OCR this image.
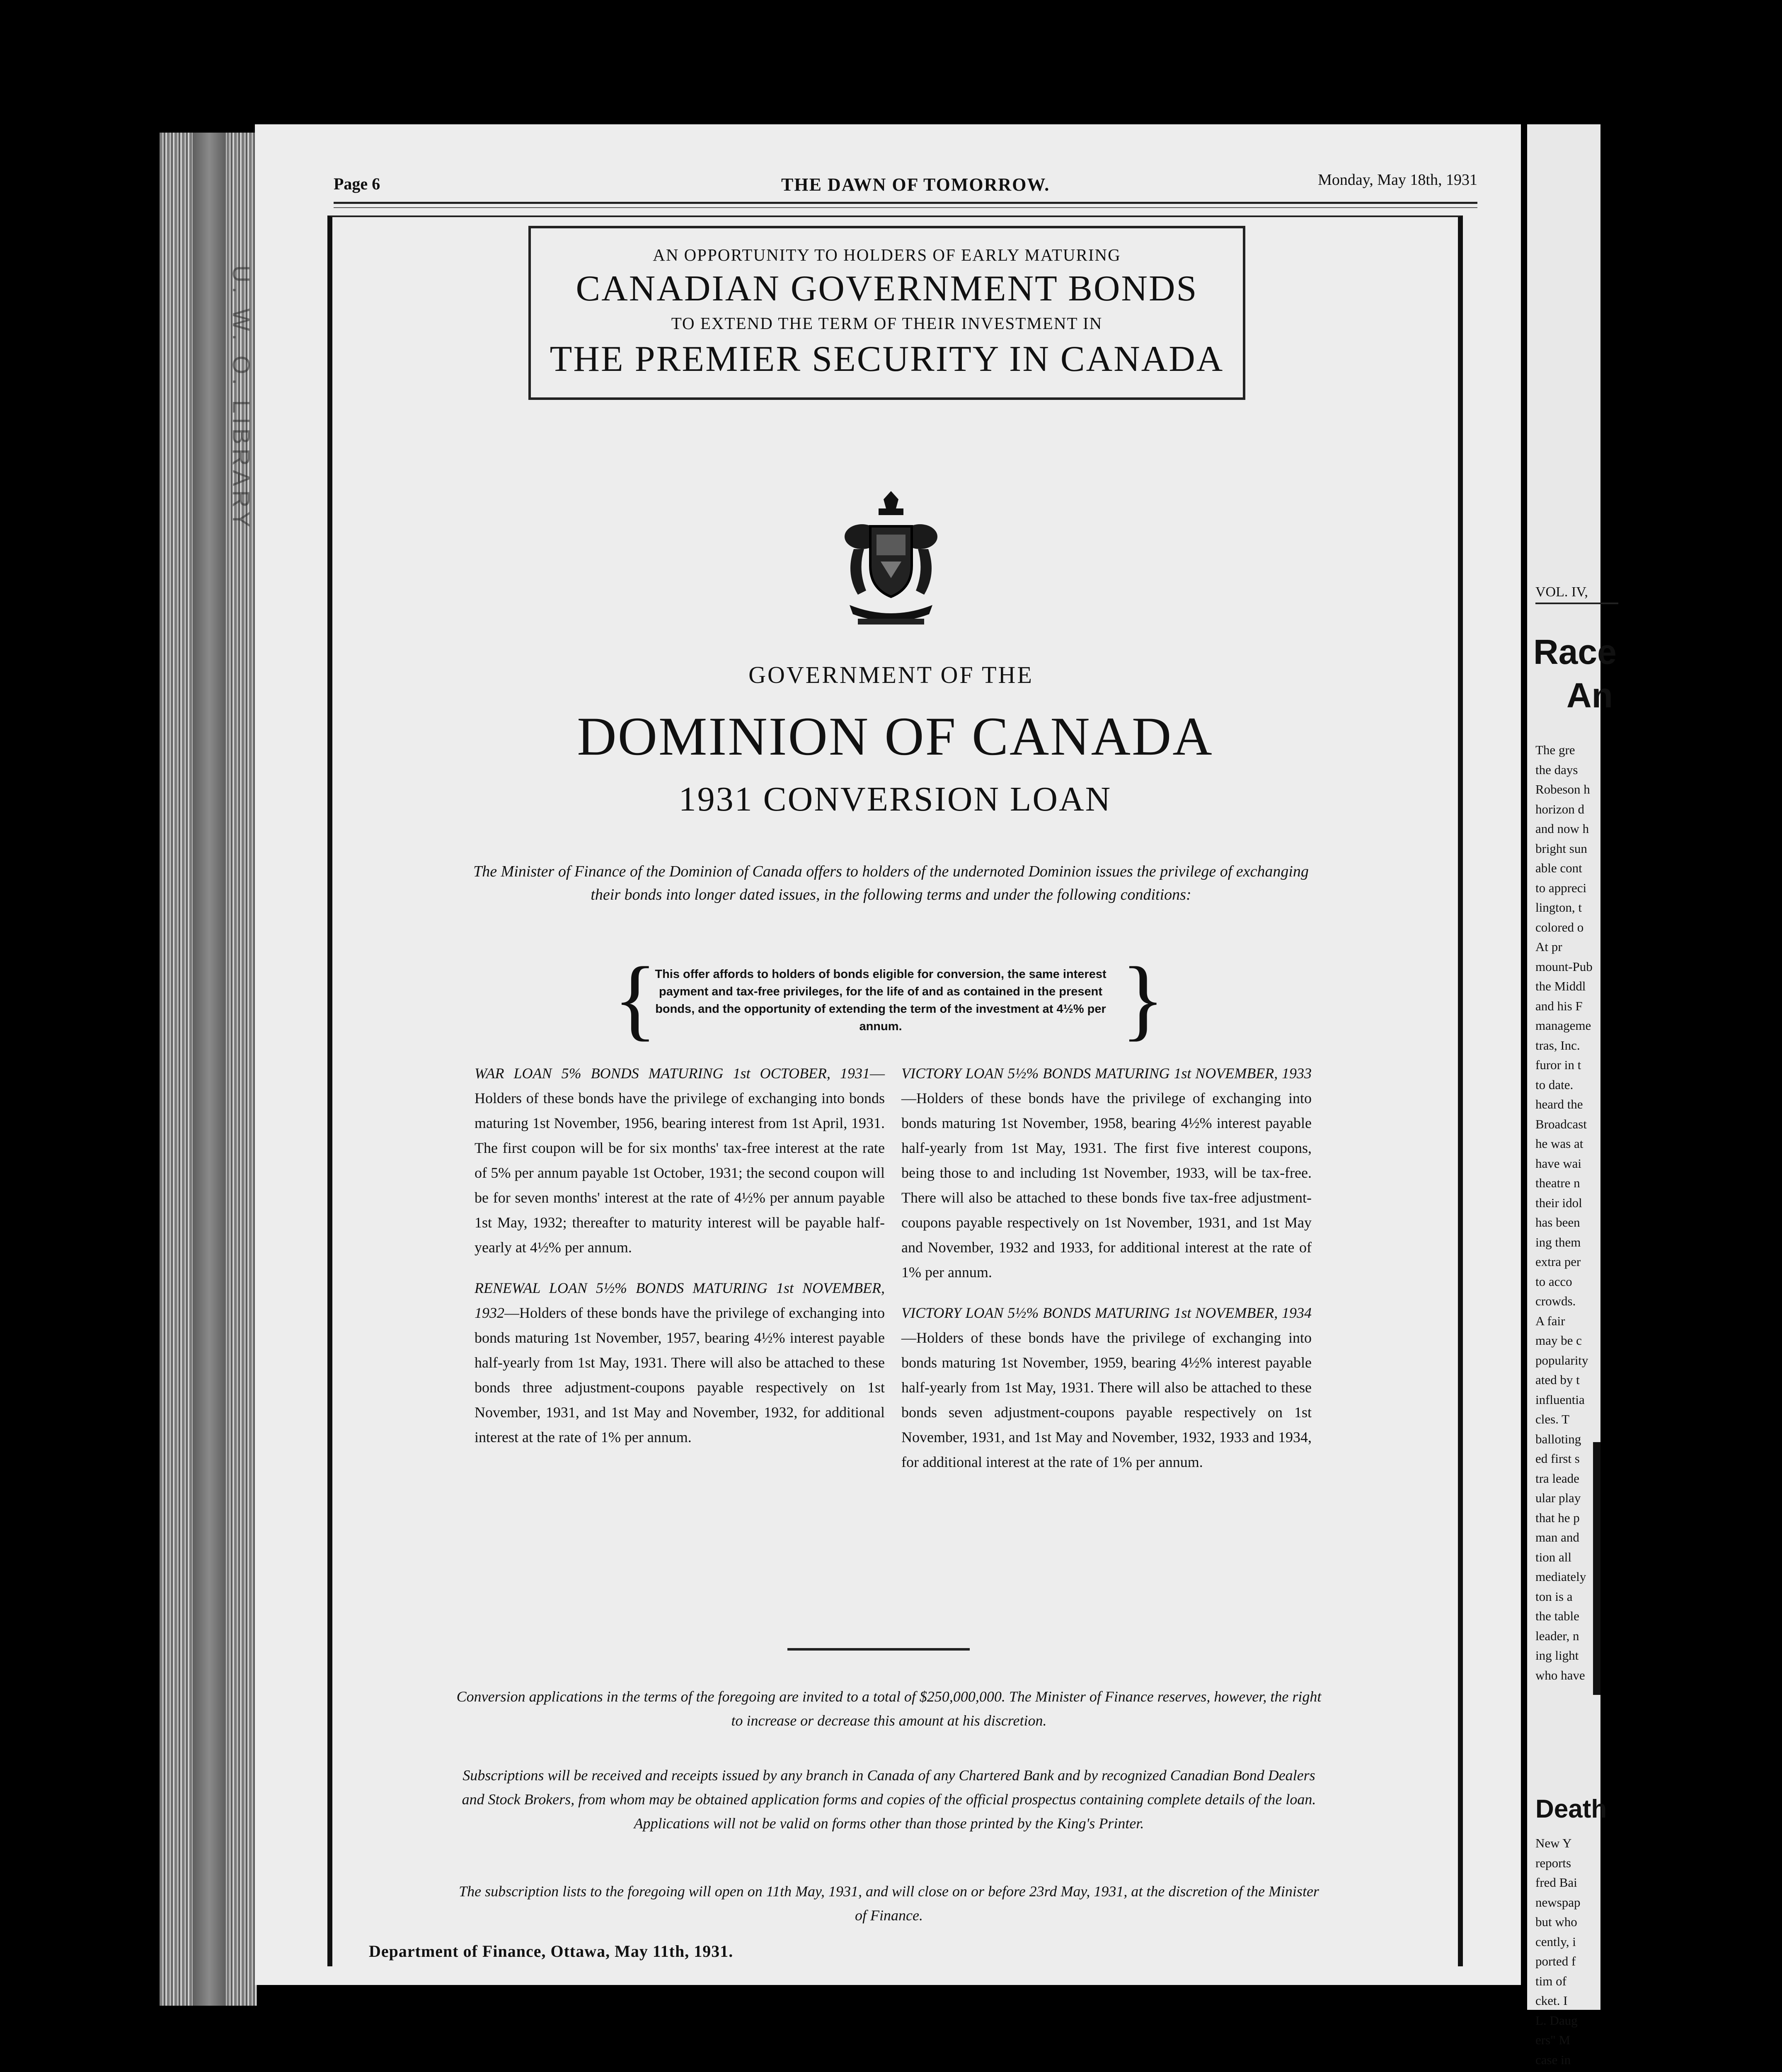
U. W. O. LIBRARY
Page 6	THE DAWN OF TOMORROW.	Monday, May 18th, 1931
AN OPPORTUNITY TO HOLDERS OF EARLY MATURING
CANADIAN GOVERNMENT BONDS
TO EXTEND THE TERM OF THEIR INVESTMENT IN
THE PREMIER SECURITY IN CANADA
GOVERNMENT OF THE
DOMINION OF CANADA
1931 CONVERSION LOAN
The Minister of Finance of the Dominion of Canada offers to holders of the undernoted Dominion issues the privilege of exchanging their bonds into longer dated issues, in the following terms and under the following conditions:
{
This offer affords to holders of bonds eligible for conversion, the same interest payment and tax-free privileges, for the life of and as contained in the present bonds, and the opportunity of extending the term of the investment at 4½% per annum.	}

WAR LOAN 5% BONDS MATURING 1st OCTOBER, 1931—Holders of these bonds have the privilege of exchanging into bonds maturing 1st November, 1956, bearing interest from 1st April, 1931. The first coupon will be for six months' tax-free interest at the rate of 5% per annum payable 1st October, 1931; the second coupon will be for seven months' interest at the rate of 4½% per annum payable 1st May, 1932; thereafter to maturity interest will be payable half-yearly at 4½% per annum.

RENEWAL LOAN 5½% BONDS MATURING 1st NOVEMBER, 1932—Holders of these bonds have the privilege of exchanging into bonds maturing 1st November, 1957, bearing 4½% interest payable half-yearly from 1st May, 1931. There will also be attached to these bonds three adjustment-coupons payable respectively on 1st November, 1931, and 1st May and November, 1932, for additional interest at the rate of 1% per annum.

VICTORY LOAN 5½% BONDS MATURING 1st NOVEMBER, 1933—Holders of these bonds have the privilege of exchanging into bonds maturing 1st November, 1958, bearing 4½% interest payable half-yearly from 1st May, 1931. The first five interest coupons, being those to and including 1st November, 1933, will be tax-free. There will also be attached to these bonds five tax-free adjustment-coupons payable respectively on 1st November, 1931, and 1st May and November, 1932 and 1933, for additional interest at the rate of 1% per annum.

VICTORY LOAN 5½% BONDS MATURING 1st NOVEMBER, 1934—Holders of these bonds have the privilege of exchanging into bonds maturing 1st November, 1959, bearing 4½% interest payable half-yearly from 1st May, 1931. There will also be attached to these bonds seven adjustment-coupons payable respectively on 1st November, 1931, and 1st May and November, 1932, 1933 and 1934, for additional interest at the rate of 1% per annum.

Conversion applications in the terms of the foregoing are invited to a total of $250,000,000. The Minister of Finance reserves, however, the right to increase or decrease this amount at his discretion.
Subscriptions will be received and receipts issued by any branch in Canada of any Chartered Bank and by recognized Canadian Bond Dealers and Stock Brokers, from whom may be obtained application forms and copies of the official prospectus containing complete details of the loan. Applications will not be valid on forms other than those printed by the King's Printer.
The subscription lists to the foregoing will open on 11th May, 1931, and will close on or before 23rd May, 1931, at the discretion of the Minister of Finance.
Department of Finance, Ottawa, May 11th, 1931.
VOL. IV,
Race
An
The gre
the days
Robeson h
horizon d
and now h
bright sun
able cont
to appreci
lington, t
colored o
At pr
mount-Pub
the Middl
and his F
manageme
tras, Inc.
furor in t
to date.
heard the
Broadcast
he was at
have wai
theatre n
their idol
has been
ing them
extra per
to acco
crowds.
A fair
may be c
popularity
ated by t
influentia
cles. T
balloting
ed first s
tra leade
ular play
that he p
man and
tion all
mediately
ton is a
the table
leader, n
ing light
who have
Death
New Y
reports
fred Bai
newspap
but who
cently, i
ported f
tim of
cket. I
L. Daug
ers" M
case in
